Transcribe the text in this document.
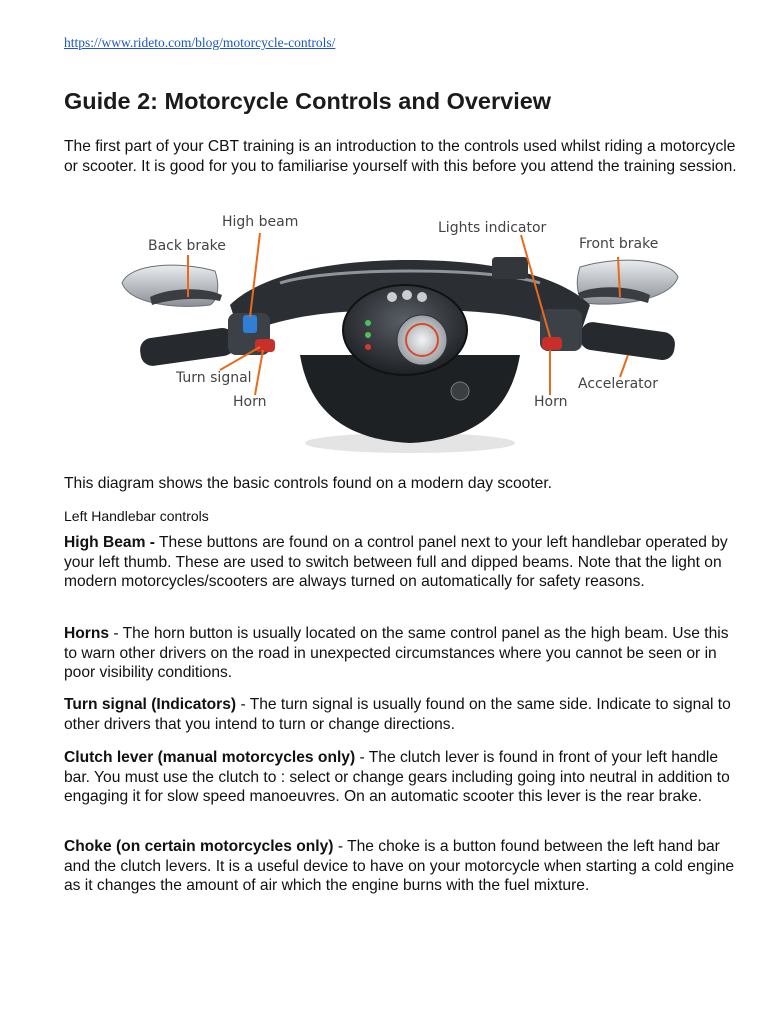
https://www.rideto.com/blog/motorcycle-controls/
Guide 2: Motorcycle Controls and Overview

The first part of your CBT training is an introduction to the controls used whilst riding a motorcycle or scooter. It is good for you to familiarise yourself with this before you attend the training session.

High beam
Back brake
Lights indicator
Front brake
Turn signal
Horn	Horn
Accelerator

This diagram shows the basic controls found on a modern day scooter.

Left Handlebar controls

High Beam - These buttons are found on a control panel next to your left handlebar operated by your left thumb. These are used to switch between full and dipped beams. Note that the light on modern motorcycles/scooters are always turned on automatically for safety reasons.

Horns - The horn button is usually located on the same control panel as the high beam. Use this to warn other drivers on the road in unexpected circumstances where you cannot be seen or in poor visibility conditions.

Turn signal (Indicators) - The turn signal is usually found on the same side. Indicate to signal to other drivers that you intend to turn or change directions.

Clutch lever (manual motorcycles only) - The clutch lever is found in front of your left handle bar. You must use the clutch to : select or change gears including going into neutral in addition to engaging it for slow speed manoeuvres. On an automatic scooter this lever is the rear brake.

Choke (on certain motorcycles only) - The choke is a button found between the left hand bar and the clutch levers. It is a useful device to have on your motorcycle when starting a cold engine as it changes the amount of air which the engine burns with the fuel mixture.
